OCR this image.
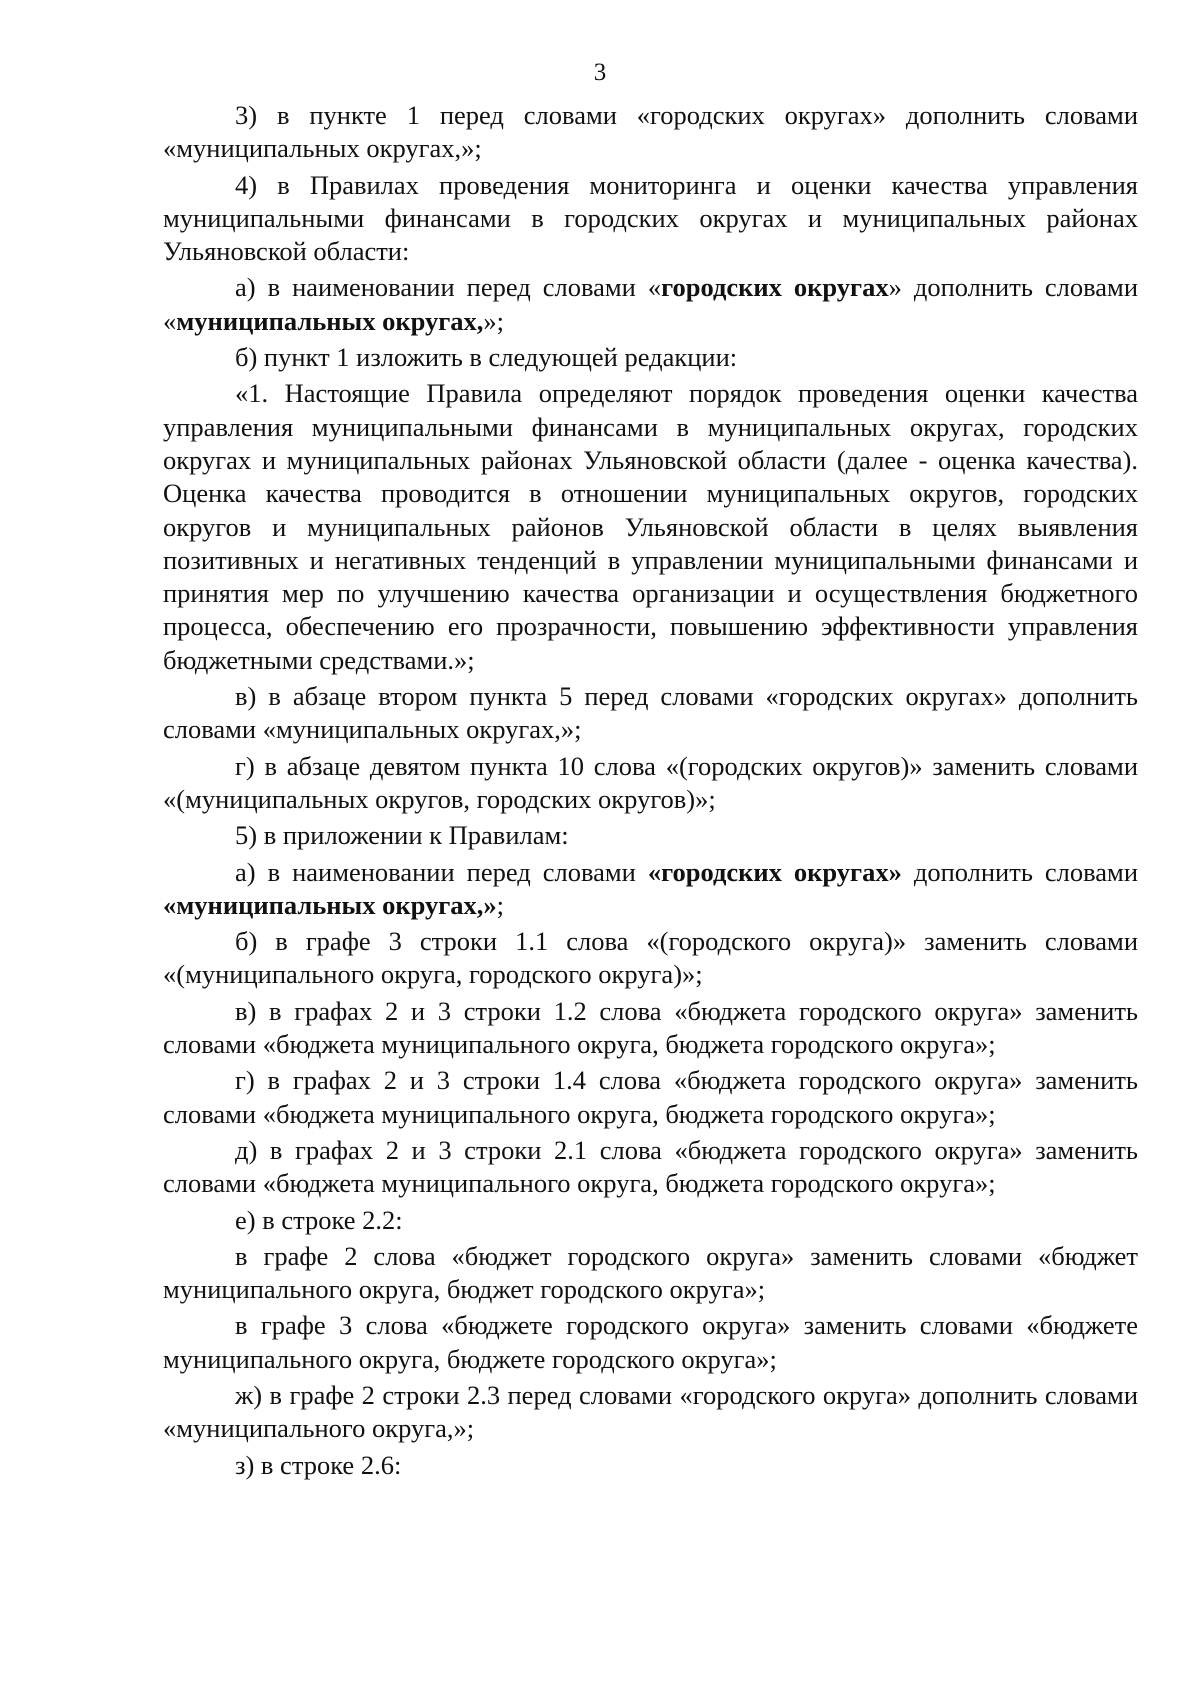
3

3) в пункте 1 перед словами «городских округах» дополнить словами «муниципальных округах,»;

4) в Правилах проведения мониторинга и оценки качества управления муниципальными финансами в городских округах и муниципальных районах Ульяновской области:

а) в наименовании перед словами «городских округах» дополнить словами «муниципальных округах,»;

б) пункт 1 изложить в следующей редакции:

«1. Настоящие Правила определяют порядок проведения оценки качества управления муниципальными финансами в муниципальных округах, городских округах и муниципальных районах Ульяновской области (далее - оценка качества). Оценка качества проводится в отношении муниципальных округов, городских округов и муниципальных районов Ульяновской области в целях выявления позитивных и негативных тенденций в управлении муниципальными финансами и принятия мер по улучшению качества организации и осуществления бюджетного процесса, обеспечению его прозрачности, повышению эффективности управления бюджетными средствами.»;

в) в абзаце втором пункта 5 перед словами «городских округах» дополнить словами «муниципальных округах,»;

г) в абзаце девятом пункта 10 слова «(городских округов)» заменить словами «(муниципальных округов, городских округов)»;

5) в приложении к Правилам:

а) в наименовании перед словами «городских округах» дополнить словами «муниципальных округах,»;

б) в графе 3 строки 1.1 слова «(городского округа)» заменить словами «(муниципального округа, городского округа)»;

в) в графах 2 и 3 строки 1.2 слова «бюджета городского округа» заменить словами «бюджета муниципального округа, бюджета городского округа»;

г) в графах 2 и 3 строки 1.4 слова «бюджета городского округа» заменить словами «бюджета муниципального округа, бюджета городского округа»;

д) в графах 2 и 3 строки 2.1 слова «бюджета городского округа» заменить словами «бюджета муниципального округа, бюджета городского округа»;

е) в строке 2.2:

в графе 2 слова «бюджет городского округа» заменить словами «бюджет муниципального округа, бюджет городского округа»;

в графе 3 слова «бюджете городского округа» заменить словами «бюджете муниципального округа, бюджете городского округа»;

ж) в графе 2 строки 2.3 перед словами «городского округа» дополнить словами «муниципального округа,»;

з) в строке 2.6:
